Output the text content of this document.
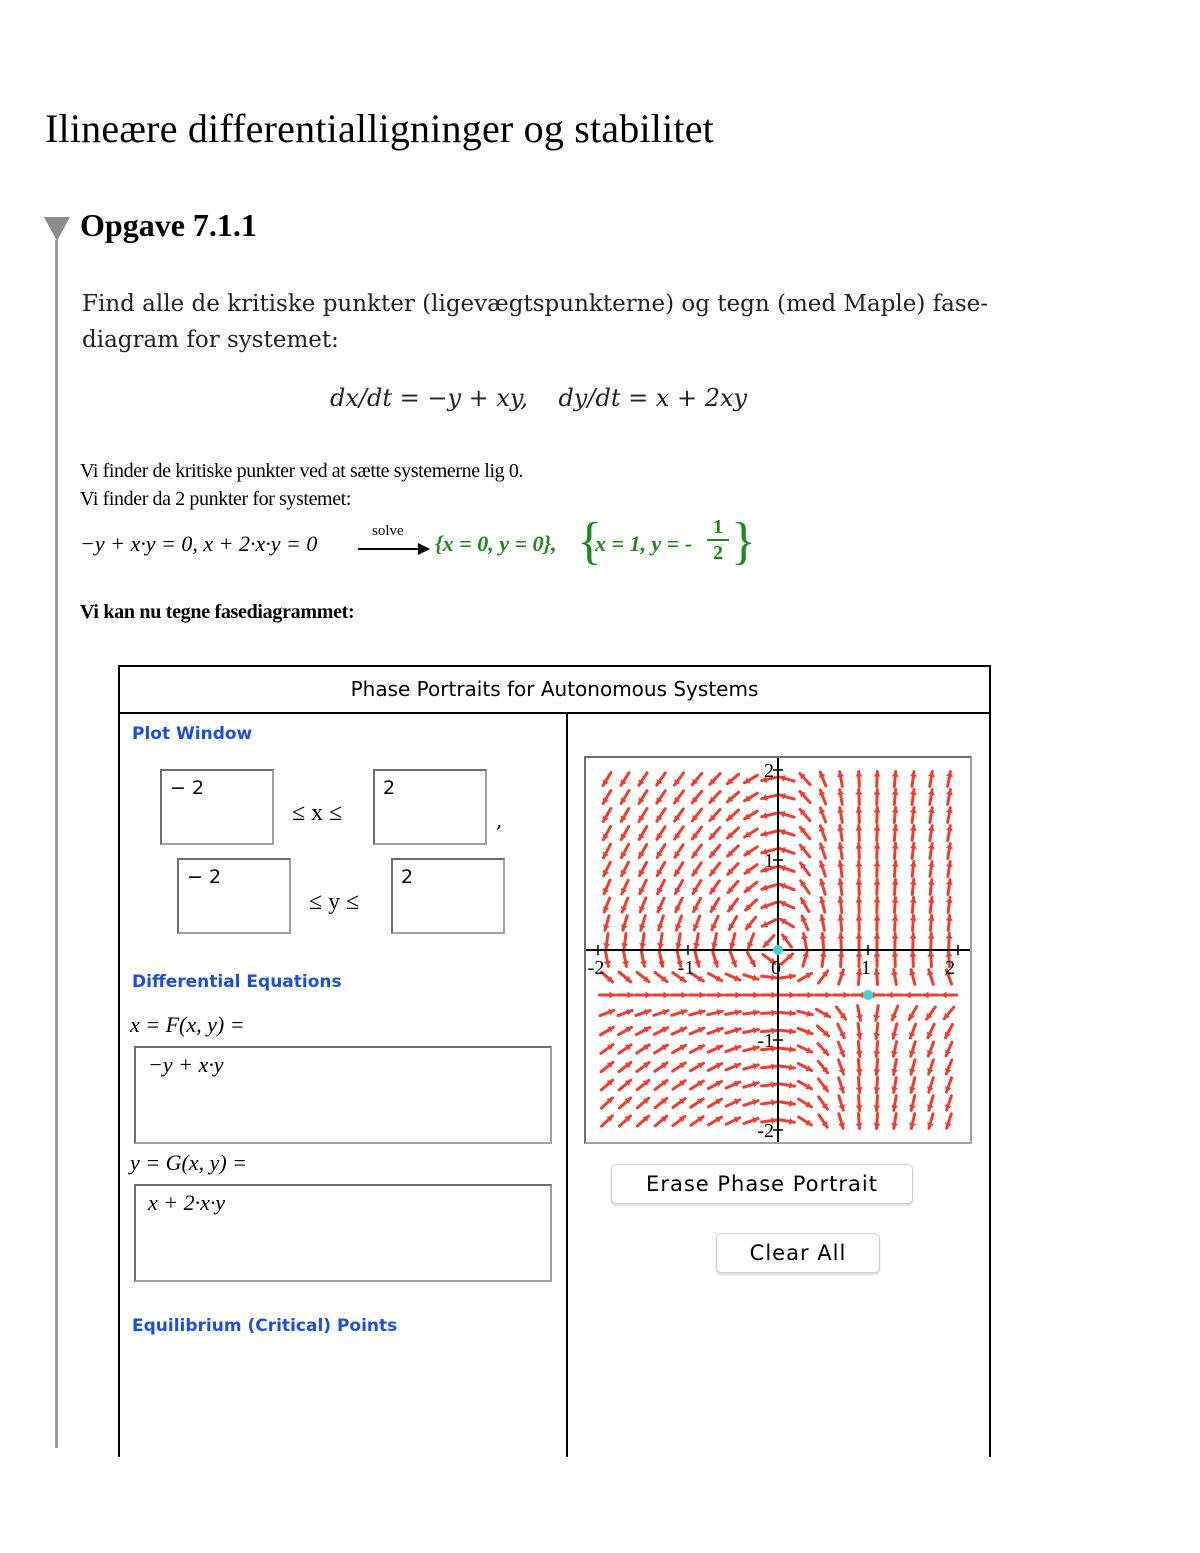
Ilineære differentialligninger og stabilitet
Opgave 7.1.1

Find alle de kritiske punkter (ligevægtspunkterne) og tegn (med Maple) fase-diagram for systemet:

dx/dt = −y + xy,    dy/dt = x + 2xy

Vi finder de kritiske punkter ved at sætte systemerne lig 0.

Vi finder da 2 punkter for systemet:

−y + x·y = 0, x + 2·x·y = 0	solve {x = 0, y = 0}, {
x = 1, y = -
1
2 }

Vi kan nu tegne fasediagrammet:

Phase Portraits for Autonomous Systems

Plot Window

− 2
≤ x ≤
2
,
− 2
≤ y ≤
2

Differential Equations

x = F(x, y) =

−y + x·y

y = G(x, y) =

x + 2·x·y

Equilibrium (Critical) Points

-2	-1	0	1	2
2
1
-1
-2
Erase Phase Portrait
Clear All
